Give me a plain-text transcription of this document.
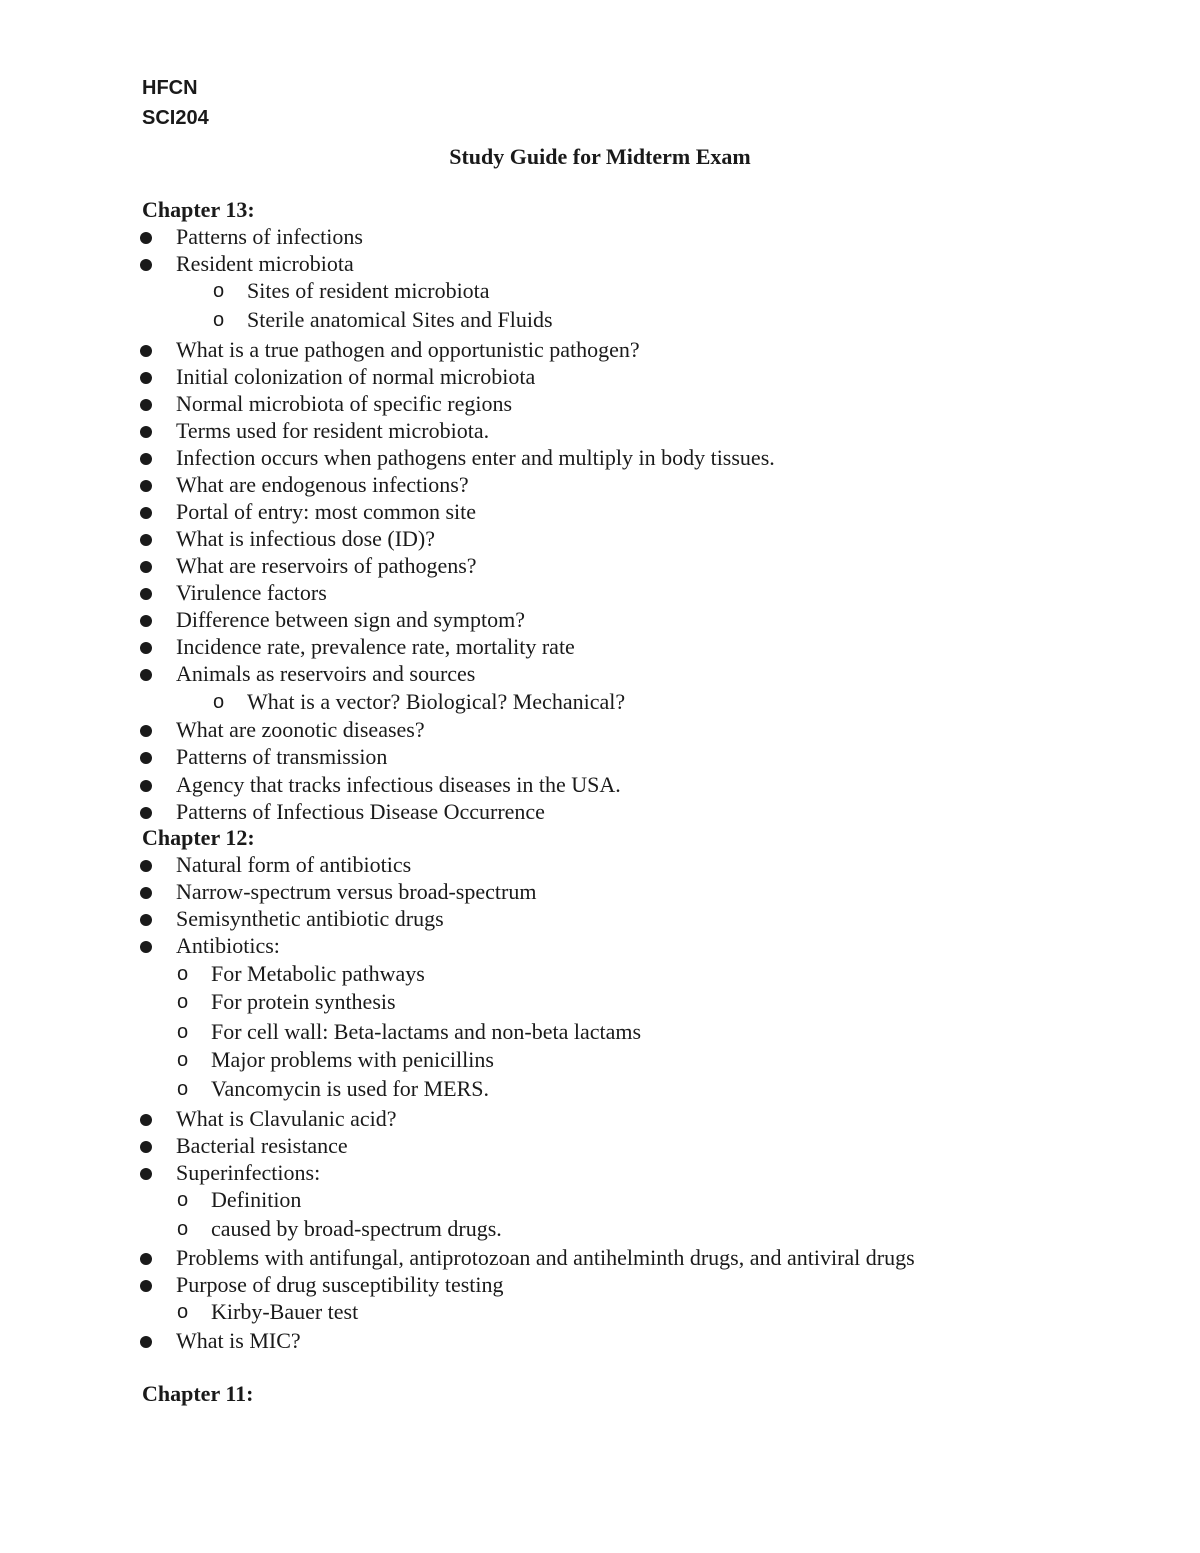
HFCN
SCI204
Study Guide for Midterm Exam
Chapter 13:
Patterns of infections
Resident microbiota
o Sites of resident microbiota
o Sterile anatomical Sites and Fluids
What is a true pathogen and opportunistic pathogen?
Initial colonization of normal microbiota
Normal microbiota of specific regions
Terms used for resident microbiota.
Infection occurs when pathogens enter and multiply in body tissues.
What are endogenous infections?
Portal of entry: most common site
What is infectious dose (ID)?
What are reservoirs of pathogens?
Virulence factors
Difference between sign and symptom?
Incidence rate, prevalence rate, mortality rate
Animals as reservoirs and sources
o What is a vector? Biological? Mechanical?
What are zoonotic diseases?
Patterns of transmission
Agency that tracks infectious diseases in the USA.
Patterns of Infectious Disease Occurrence
Chapter 12:
Natural form of antibiotics
Narrow-spectrum versus broad-spectrum
Semisynthetic antibiotic drugs
Antibiotics:
o For Metabolic pathways
o For protein synthesis
o For cell wall: Beta-lactams and non-beta lactams
o Major problems with penicillins
o Vancomycin is used for MERS.
What is Clavulanic acid?
Bacterial resistance
Superinfections:
o Definition
o caused by broad-spectrum drugs.
Problems with antifungal, antiprotozoan and antihelminth drugs, and antiviral drugs
Purpose of drug susceptibility testing
o Kirby-Bauer test
What is MIC?
Chapter 11:
